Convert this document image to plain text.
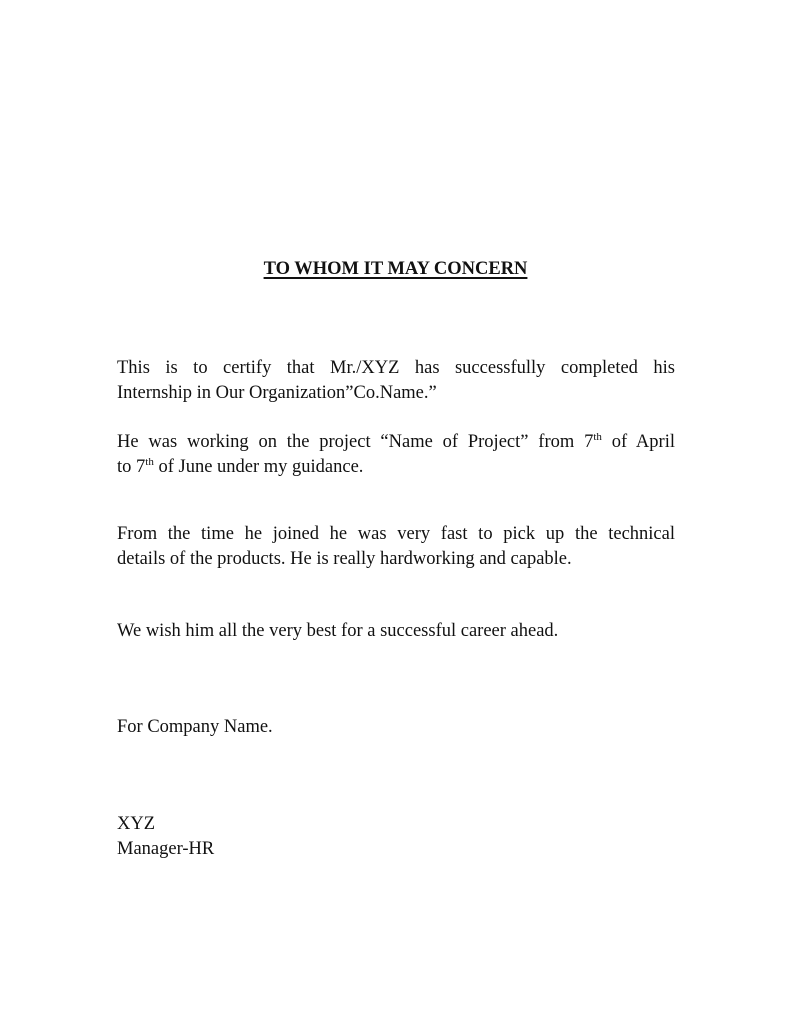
TO WHOM IT MAY CONCERN

This is to certify that Mr./XYZ has successfully completed his
Internship in Our Organization”Co.Name.”

He was working on the project “Name of Project” from 7th of April
to 7th of June under my guidance.

From the time he joined he was very fast to pick up the technical
details of the products. He is really hardworking and capable.

We wish him all the very best for a successful career ahead.

For Company Name.

XYZ
Manager-HR
